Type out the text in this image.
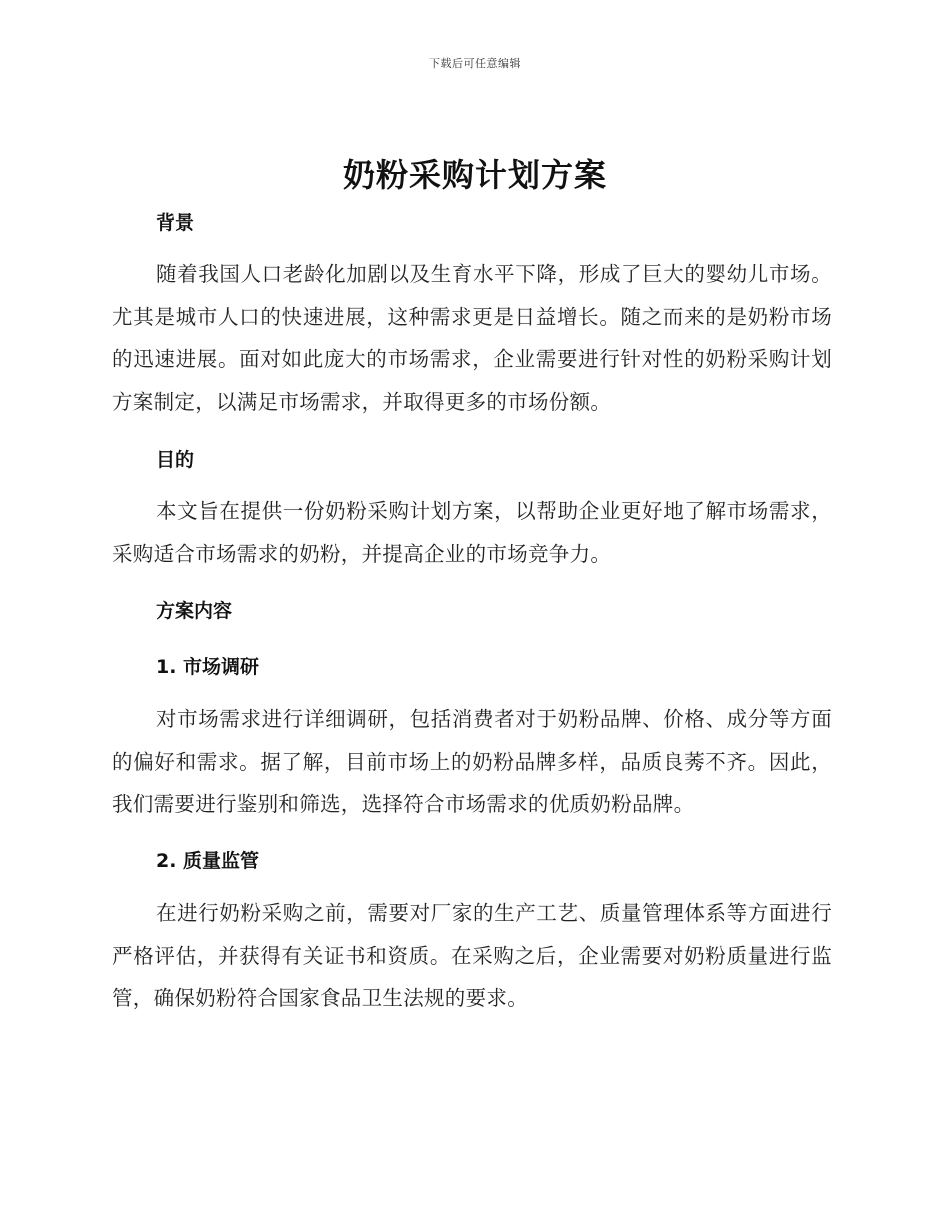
下载后可任意编辑
奶粉采购计划方案
背景
随着我国人口老龄化加剧以及生育水平下降，形成了巨大的婴幼儿市场。尤其是城市人口的快速进展，这种需求更是日益增长。随之而来的是奶粉市场的迅速进展。面对如此庞大的市场需求，企业需要进行针对性的奶粉采购计划方案制定，以满足市场需求，并取得更多的市场份额。
目的
本文旨在提供一份奶粉采购计划方案，以帮助企业更好地了解市场需求，采购适合市场需求的奶粉，并提高企业的市场竞争力。
方案内容
1. 市场调研
对市场需求进行详细调研，包括消费者对于奶粉品牌、价格、成分等方面的偏好和需求。据了解，目前市场上的奶粉品牌多样，品质良莠不齐。因此，我们需要进行鉴别和筛选，选择符合市场需求的优质奶粉品牌。
2. 质量监管
在进行奶粉采购之前，需要对厂家的生产工艺、质量管理体系等方面进行严格评估，并获得有关证书和资质。在采购之后，企业需要对奶粉质量进行监管，确保奶粉符合国家食品卫生法规的要求。
